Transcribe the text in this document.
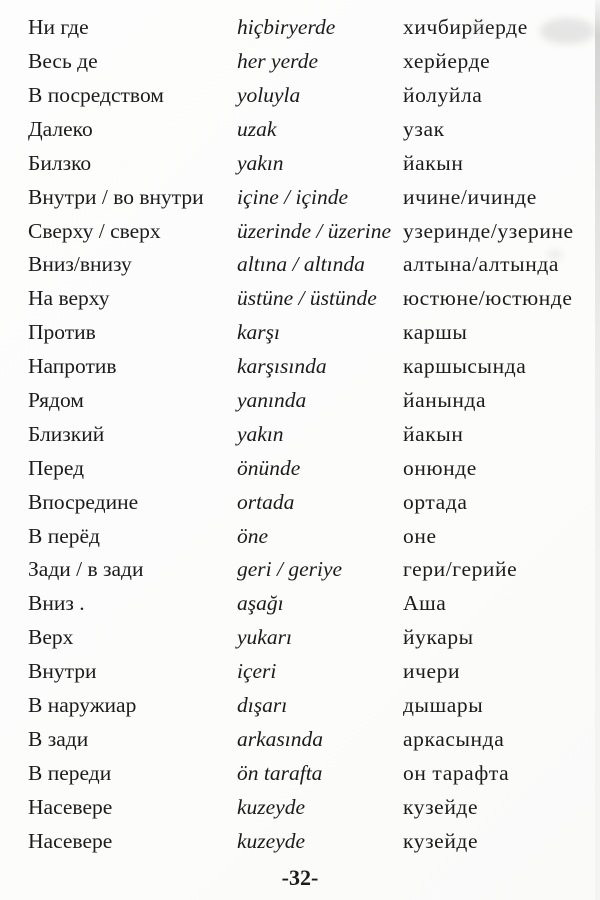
Ни где	hiçbiryerde	хичбирйерде
Весь де	her yerde	херйерде
В посредством	yoluyla	йолуйла
Далеко	uzak	узак
Билзко	yakın	йакын
Внутри / во внутри	içine / içinde	ичине/ичинде
Сверху / сверх	üzerinde / üzerine узеринде/узерине
Вниз/внизу	altına / altında	алтына/алтында
На верху	üstüne / üstünde	юстюне/юстюнде
Против	karşı	каршы
Напротив	karşısında	каршысында
Рядом	yanında	йанында
Близкий	yakın	йакын
Перед	önünde	онюнде
Впосредине	ortada	ортада
В перёд	öne	оне
Зади / в зади	geri / geriye	гери/герийе
Вниз .	aşağı	Аша
Верх	yukarı	йукары
Внутри	içeri	ичери
В наружиар	dışarı	дышары
В зади	arkasında	аркасында
В переди	ön tarafta	он тарафта
Насевере	kuzeyde	кузейде
Насевере	kuzeyde	кузейде
-32-
